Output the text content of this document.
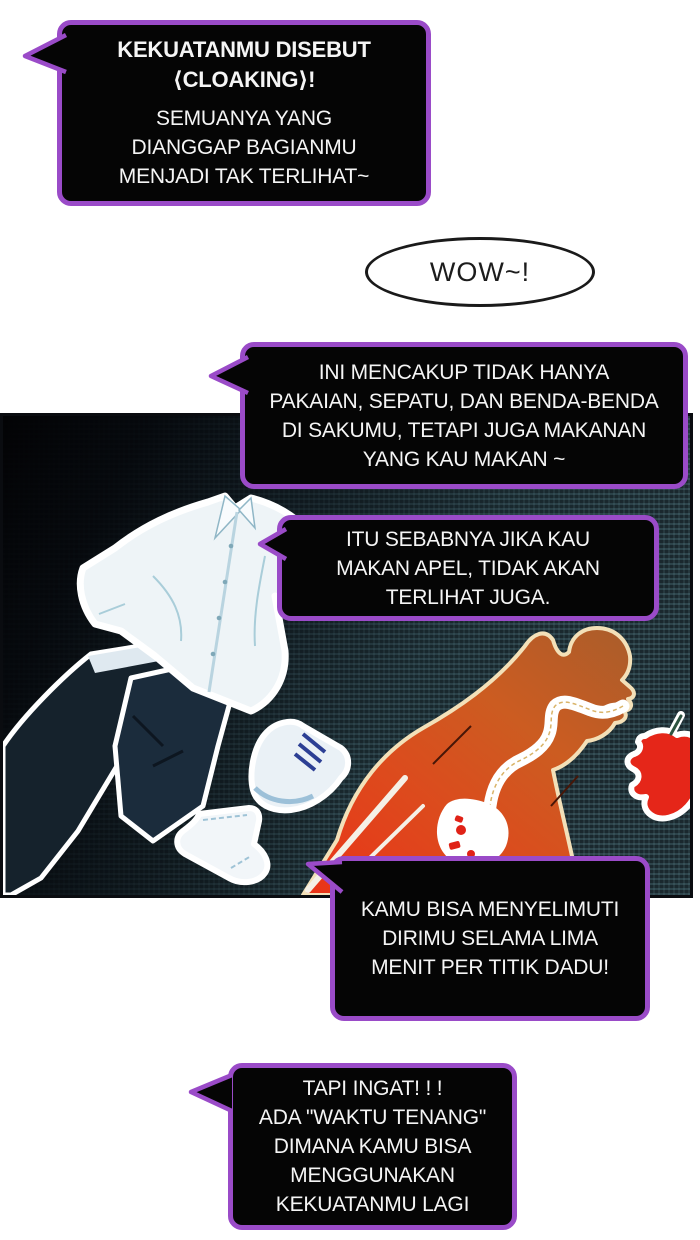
KEKUATANMU DISEBUT
⟨CLOAKING⟩!
SEMUANYA YANG
DIANGGAP BAGIANMU
MENJADI TAK TERLIHAT~
WOW~!
INI MENCAKUP TIDAK HANYA
PAKAIAN, SEPATU, DAN BENDA-BENDA
DI SAKUMU, TETAPI JUGA MAKANAN
YANG KAU MAKAN ~
ITU SEBABNYA JIKA KAU
MAKAN APEL, TIDAK AKAN
TERLIHAT JUGA.
KAMU BISA MENYELIMUTI
DIRIMU SELAMA LIMA
MENIT PER TITIK DADU!
TAPI INGAT! ! !
ADA "WAKTU TENANG"
DIMANA KAMU BISA
MENGGUNAKAN
KEKUATANMU LAGI
